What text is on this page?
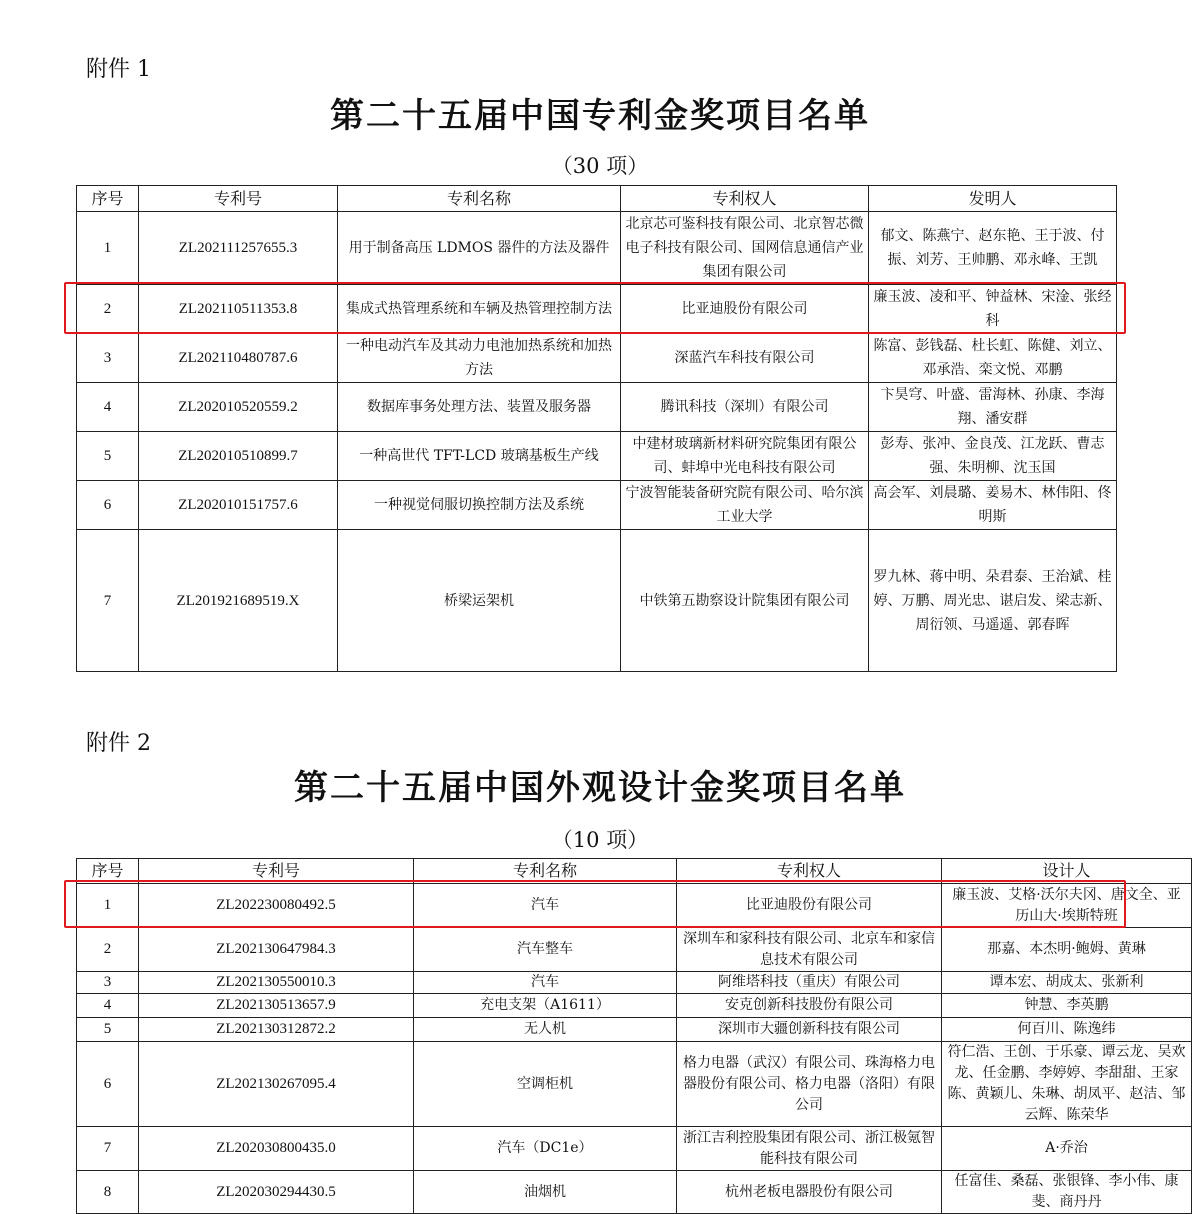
附件 1
第二十五届中国专利金奖项目名单
（30 项）
序号	专利号	专利名称	专利权人	发明人
1	ZL202111257655.3	用于制备高压 LDMOS 器件的方法及器件	北京芯可鉴科技有限公司、北京智芯微电子科技有限公司、国网信息通信产业集团有限公司	郁文、陈燕宁、赵东艳、王于波、付振、刘芳、王帅鹏、邓永峰、王凯
2	ZL202110511353.8	集成式热管理系统和车辆及热管理控制方法	比亚迪股份有限公司	廉玉波、凌和平、钟益林、宋淦、张经科
3	ZL202110480787.6	一种电动汽车及其动力电池加热系统和加热方法	深蓝汽车科技有限公司	陈富、彭钱磊、杜长虹、陈健、刘立、邓承浩、栾文悦、邓鹏
4	ZL202010520559.2	数据库事务处理方法、装置及服务器	腾讯科技（深圳）有限公司	卞昊穹、叶盛、雷海林、孙康、李海翔、潘安群
5	ZL202010510899.7	一种高世代 TFT-LCD 玻璃基板生产线	中建材玻璃新材料研究院集团有限公司、蚌埠中光电科技有限公司	彭寿、张冲、金良茂、江龙跃、曹志强、朱明柳、沈玉国
6	ZL202010151757.6	一种视觉伺服切换控制方法及系统	宁波智能装备研究院有限公司、哈尔滨工业大学	高会军、刘晨璐、姜易木、林伟阳、佟明斯
7	ZL201921689519.X	桥梁运架机	中铁第五勘察设计院集团有限公司	罗九林、蒋中明、朵君泰、王治斌、桂婷、万鹏、周光忠、谌启发、梁志新、周衍领、马遥遥、郭春晖
附件 2
第二十五届中国外观设计金奖项目名单
（10 项）
序号	专利号	专利名称	专利权人	设计人
1	ZL202230080492.5	汽车	比亚迪股份有限公司	廉玉波、艾格·沃尔夫冈、唐文全、亚历山大·埃斯特班
2	ZL202130647984.3	汽车整车	深圳车和家科技有限公司、北京车和家信息技术有限公司	那嘉、本杰明·鲍姆、黄琳
3	ZL202130550010.3	汽车	阿维塔科技（重庆）有限公司	谭本宏、胡成太、张新利
4	ZL202130513657.9	充电支架（A1611）	安克创新科技股份有限公司	钟慧、李英鹏
5	ZL202130312872.2	无人机	深圳市大疆创新科技有限公司	何百川、陈逸纬
6	ZL202130267095.4	空调柜机	格力电器（武汉）有限公司、珠海格力电器股份有限公司、格力电器（洛阳）有限公司	符仁浩、王创、于乐豪、谭云龙、吴欢龙、任金鹏、李婷婷、李甜甜、王家陈、黄颖儿、朱琳、胡凤平、赵洁、邹云辉、陈荣华
7	ZL202030800435.0	汽车（DC1e）	浙江吉利控股集团有限公司、浙江极氪智能科技有限公司	A·乔治
8	ZL202030294430.5	油烟机	杭州老板电器股份有限公司	任富佳、桑磊、张银锋、李小伟、康斐、商丹丹
